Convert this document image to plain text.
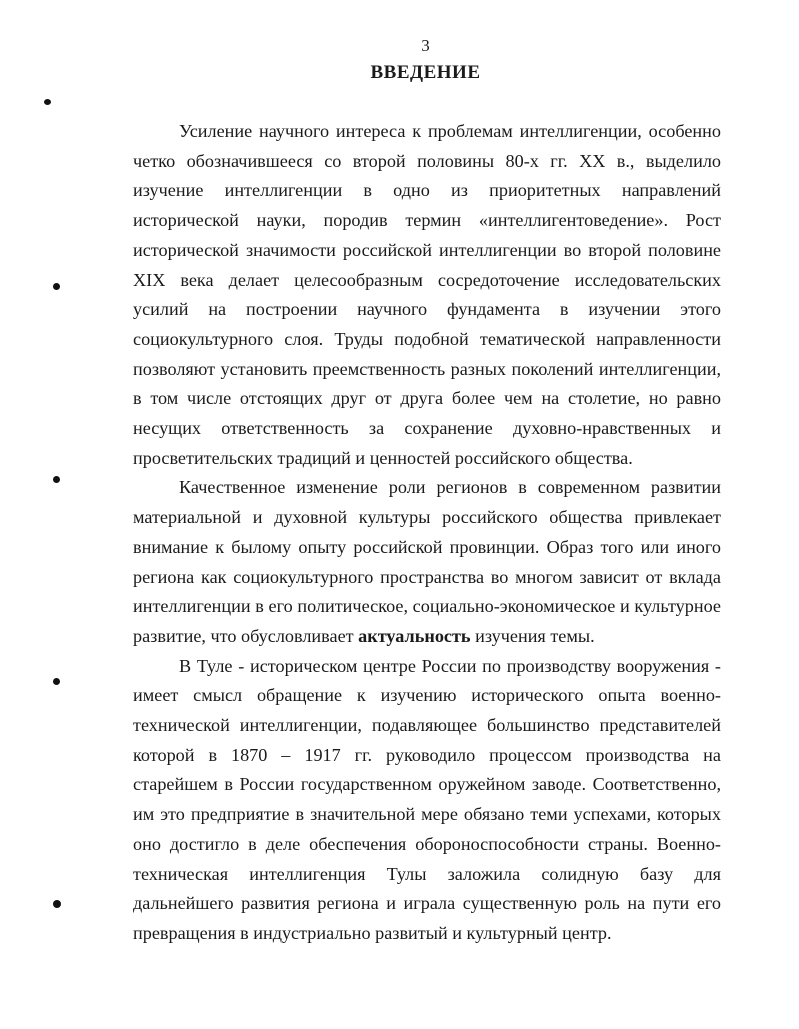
3
ВВЕДЕНИЕ

Усиление научного интереса к проблемам интеллигенции, особенно четко обозначившееся со второй половины 80-х гг. XX в., выделило изучение интеллигенции в одно из приоритетных направлений исторической науки, породив термин «интеллигентоведение». Рост исторической значимости российской интеллигенции во второй половине XIX века делает целесообразным сосредоточение исследовательских усилий на построении научного фундамента в изучении этого социокультурного слоя. Труды подобной тематической направленности позволяют установить преемственность разных поколений интеллигенции, в том числе отстоящих друг от друга более чем на столетие, но равно несущих ответственность за сохранение духовно-нравственных и просветительских традиций и ценностей российского общества.

Качественное изменение роли регионов в современном развитии материальной и духовной культуры российского общества привлекает внимание к былому опыту российской провинции. Образ того или иного региона как социокультурного пространства во многом зависит от вклада интеллигенции в его политическое, социально-экономическое и культурное развитие, что обусловливает актуальность изучения темы.

В Туле - историческом центре России по производству вооружения - имеет смысл обращение к изучению исторического опыта военно-технической интеллигенции, подавляющее большинство представителей которой в 1870 – 1917 гг. руководило процессом производства на старейшем в России государственном оружейном заводе. Соответственно, им это предприятие в значительной мере обязано теми успехами, которых оно достигло в деле обеспечения обороноспособности страны. Военно-техническая интеллигенция Тулы заложила солидную базу для дальнейшего развития региона и играла существенную роль на пути его превращения в индустриально развитый и культурный центр.
